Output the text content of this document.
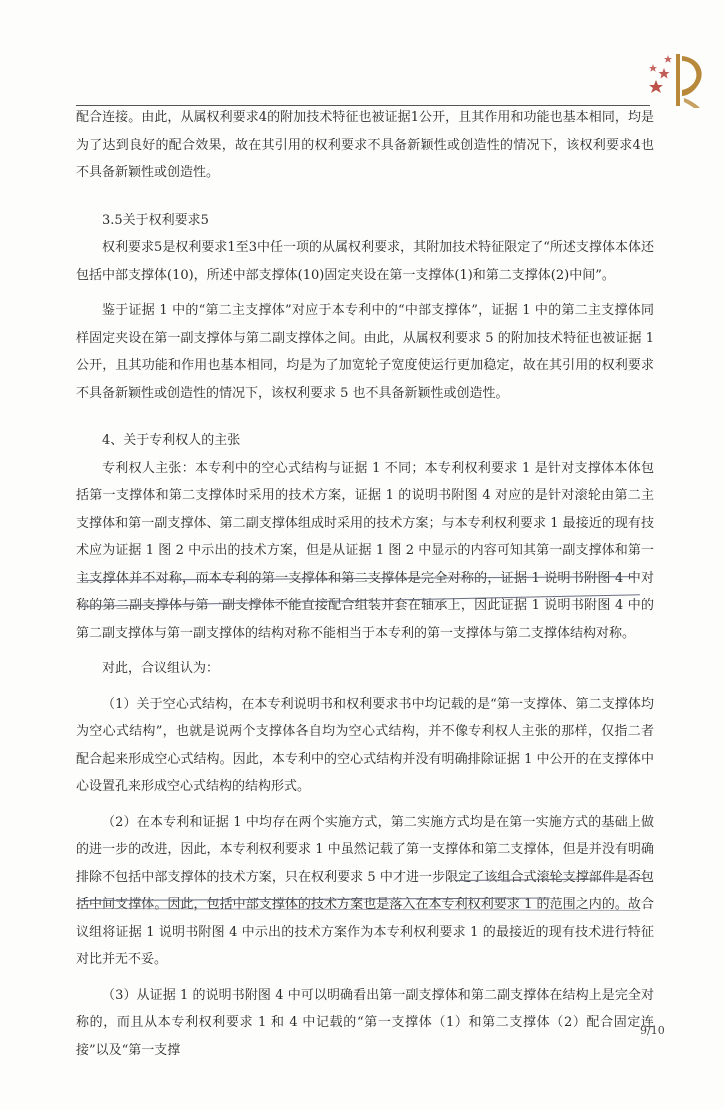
配合连接。由此，从属权利要求4的附加技术特征也被证据1公开，且其作用和功能也基本相同，均是为了达到良好的配合效果，故在其引用的权利要求不具备新颖性或创造性的情况下，该权利要求4也不具备新颖性或创造性。

3.5关于权利要求5

权利要求5是权利要求1至3中任一项的从属权利要求，其附加技术特征限定了“所述支撑体本体还包括中部支撑体(10)，所述中部支撑体(10)固定夹设在第一支撑体(1)和第二支撑体(2)中间”。

鉴于证据 1 中的“第二主支撑体”对应于本专利中的“中部支撑体”，证据 1 中的第二主支撑体同样固定夹设在第一副支撑体与第二副支撑体之间。由此，从属权利要求 5 的附加技术特征也被证据 1 公开，且其功能和作用也基本相同，均是为了加宽轮子宽度使运行更加稳定，故在其引用的权利要求不具备新颖性或创造性的情况下，该权利要求 5 也不具备新颖性或创造性。

4、关于专利权人的主张

专利权人主张：本专利中的空心式结构与证据 1 不同；本专利权利要求 1 是针对支撑体本体包括第一支撑体和第二支撑体时采用的技术方案，证据 1 的说明书附图 4 对应的是针对滚轮由第二主支撑体和第一副支撑体、第二副支撑体组成时采用的技术方案；与本专利权利要求 1 最接近的现有技术应为证据 1 图 2 中示出的技术方案，但是从证据 1 图 2 中显示的内容可知其第一副支撑体和第一主支撑体并不对称，而本专利的第一支撑体和第二支撑体是完全对称的，证据 1 说明书附图 4 中对称的第二副支撑体与第一副支撑体不能直接配合组装并套在轴承上，因此证据 1 说明书附图 4 中的第二副支撑体与第一副支撑体的结构对称不能相当于本专利的第一支撑体与第二支撑体结构对称。

对此，合议组认为：

（1）关于空心式结构，在本专利说明书和权利要求书中均记载的是“第一支撑体、第二支撑体均为空心式结构”，也就是说两个支撑体各自均为空心式结构，并不像专利权人主张的那样，仅指二者配合起来形成空心式结构。因此，本专利中的空心式结构并没有明确排除证据 1 中公开的在支撑体中心设置孔来形成空心式结构的结构形式。

（2）在本专利和证据 1 中均存在两个实施方式，第二实施方式均是在第一实施方式的基础上做的进一步的改进，因此，本专利权利要求 1 中虽然记载了第一支撑体和第二支撑体，但是并没有明确排除不包括中部支撑体的技术方案，只在权利要求 5 中才进一步限定了该组合式滚轮支撑部件是否包括中间支撑体。因此，包括中部支撑体的技术方案也是落入在本专利权利要求 1 的范围之内的。故合议组将证据 1 说明书附图 4 中示出的技术方案作为本专利权利要求 1 的最接近的现有技术进行特征对比并无不妥。

（3）从证据 1 的说明书附图 4 中可以明确看出第一副支撑体和第二副支撑体在结构上是完全对称的，而且从本专利权利要求 1 和 4 中记载的“第一支撑体（1）和第二支撑体（2）配合固定连接”以及“第一支撑

9/10
